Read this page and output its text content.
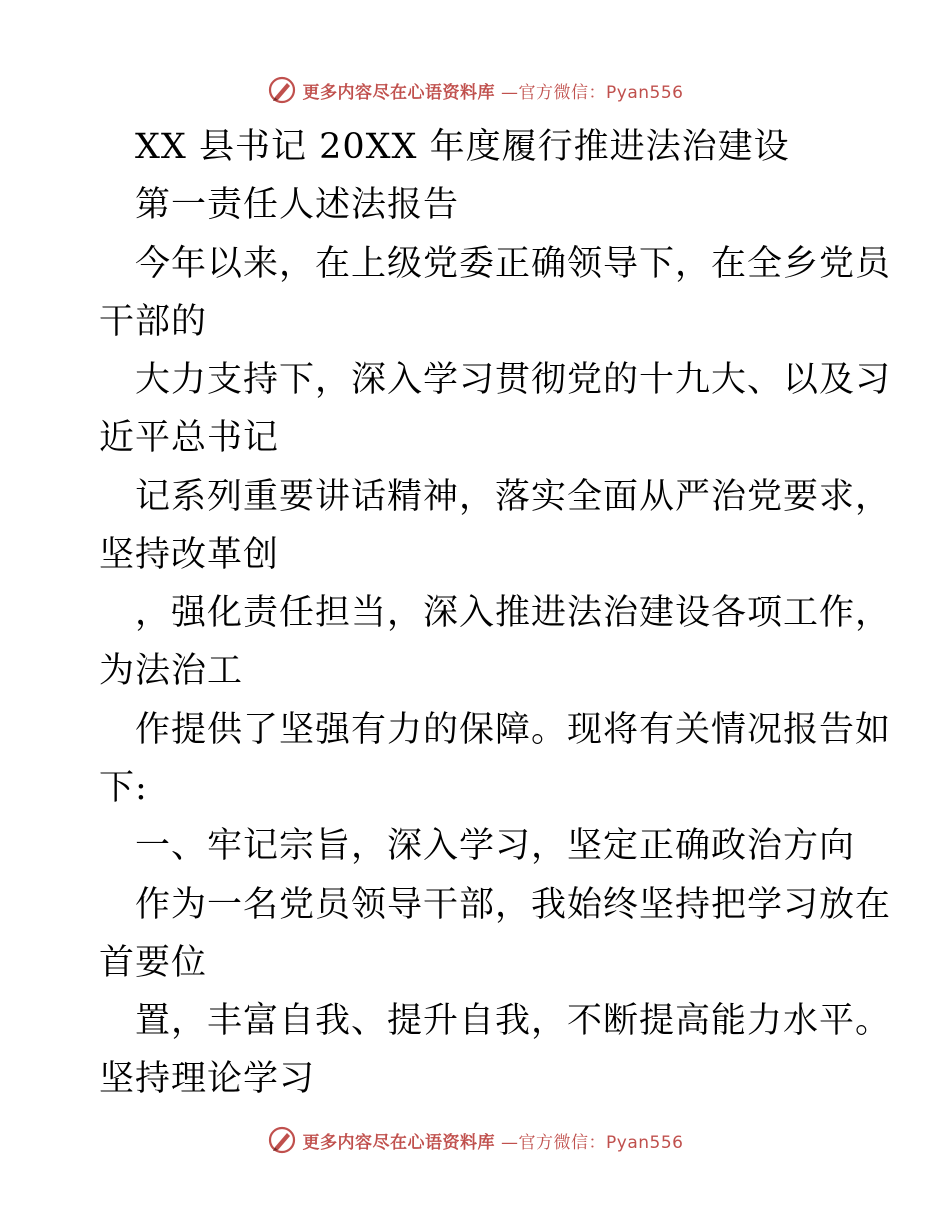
更多内容尽在心语资料库 —官方微信：Pyan556
XX 县书记 20XX 年度履行推进法治建设
第一责任人述法报告
今年以来，在上级党委正确领导下，在全乡党员
干部的
大力支持下，深入学习贯彻党的十九大、以及习
近平总书记
记系列重要讲话精神，落实全面从严治党要求，
坚持改革创
，强化责任担当，深入推进法治建设各项工作，
为法治工
作提供了坚强有力的保障。现将有关情况报告如
下:
一、牢记宗旨，深入学习，坚定正确政治方向
作为一名党员领导干部，我始终坚持把学习放在
首要位
置，丰富自我、提升自我，不断提高能力水平。
坚持理论学习
更多内容尽在心语资料库 —官方微信：Pyan556
